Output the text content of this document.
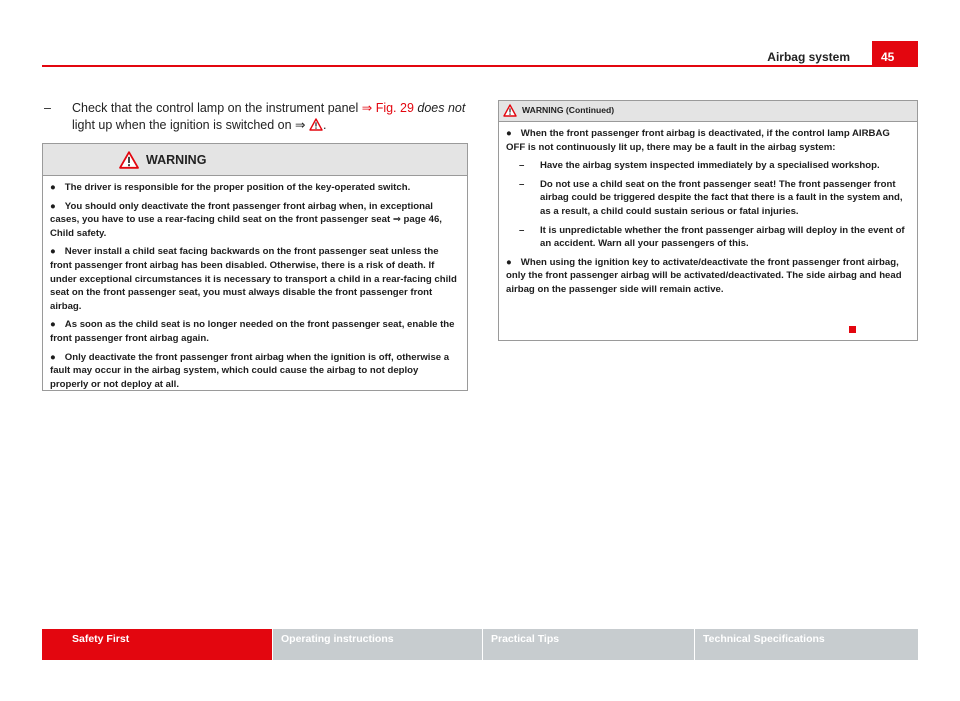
Airbag system	45
– Check that the control lamp on the instrument panel ⇒ Fig. 29 does not light up when the ignition is switched on ⇒ .
WARNING

● The driver is responsible for the proper position of the key-operated switch.

● You should only deactivate the front passenger front airbag when, in exceptional cases, you have to use a rear-facing child seat on the front passenger seat ⇒ page 46, Child safety.

● Never install a child seat facing backwards on the front passenger seat unless the front passenger front airbag has been disabled. Otherwise, there is a risk of death. If under exceptional circumstances it is necessary to transport a child in a rear-facing child seat on the front passenger seat, you must always disable the front passenger front airbag.

● As soon as the child seat is no longer needed on the front passenger seat, enable the front passenger front airbag again.

● Only deactivate the front passenger front airbag when the ignition is off, otherwise a fault may occur in the airbag system, which could cause the airbag to not deploy properly or not deploy at all.

WARNING (Continued)

● When the front passenger front airbag is deactivated, if the control lamp AIRBAG OFF is not continuously lit up, there may be a fault in the airbag system:

– Have the airbag system inspected immediately by a specialised workshop.
– Do not use a child seat on the front passenger seat! The front passenger front airbag could be triggered despite the fact that there is a fault in the system and, as a result, a child could sustain serious or fatal injuries.
– It is unpredictable whether the front passenger airbag will deploy in the event of an accident. Warn all your passengers of this.

● When using the ignition key to activate/deactivate the front passenger front airbag, only the front passenger airbag will be activated/deactivated. The side airbag and head airbag on the passenger side will remain active.

Safety First	Operating instructions	Practical Tips	Technical Specifications
